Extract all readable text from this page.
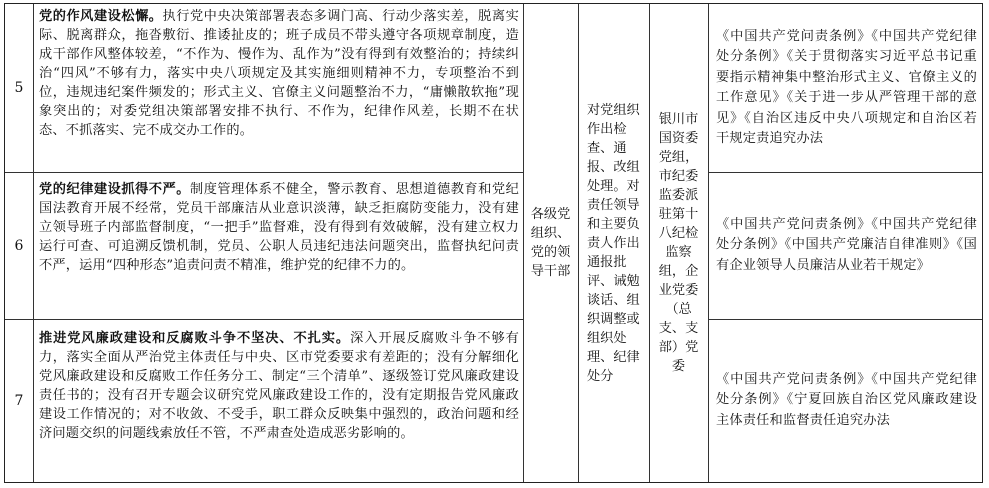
5
党的作风建设松懈。执行党中央决策部署表态多调门高、行动少落实差，脱离实际、脱离群众，拖沓敷衍、推诿扯皮的；班子成员不带头遵守各项规章制度，造成干部作风整体较差，“不作为、慢作为、乱作为”没有得到有效整治的；持续纠治“四风”不够有力，落实中央八项规定及其实施细则精神不力，专项整治不到位，违规违纪案件频发的；形式主义、官僚主义问题整治不力，“庸懒散软拖”现象突出的；对委党组决策部署安排不执行、不作为，纪律作风差，长期不在状态、不抓落实、完不成交办工作的。
《中国共产党问责条例》《中国共产党纪律处分条例》《关于贯彻落实习近平总书记重要指示精神集中整治形式主义、官僚主义的工作意见》《关于进一步从严管理干部的意见》《自治区违反中央八项规定和自治区若干规定责追究办法
6
党的纪律建设抓得不严。制度管理体系不健全，警示教育、思想道德教育和党纪国法教育开展不经常，党员干部廉洁从业意识淡薄，缺乏拒腐防变能力，没有建立领导班子内部监督制度，“一把手”监督难，没有得到有效破解，没有建立权力运行可查、可追溯反馈机制，党员、公职人员违纪违法问题突出，监督执纪问责不严，运用“四种形态”追责问责不精准，维护党的纪律不力的。
《中国共产党问责条例》《中国共产党纪律处分条例》《中国共产党廉洁自律准则》《国有企业领导人员廉洁从业若干规定》
7
推进党风廉政建设和反腐败斗争不坚决、不扎实。深入开展反腐败斗争不够有力，落实全面从严治党主体责任与中央、区市党委要求有差距的；没有分解细化党风廉政建设和反腐败工作任务分工、制定“三个清单”、逐级签订党风廉政建设责任书的；没有召开专题会议研究党风廉政建设工作的，没有定期报告党风廉政建设工作情况的；对不收敛、不受手，职工群众反映集中强烈的，政治问题和经济问题交织的问题线索放任不管，不严肃查处造成恶劣影响的。
《中国共产党问责条例》《中国共产党纪律处分条例》《宁夏回族自治区党风廉政建设主体责任和监督责任追究办法
各级党组织、党的领导干部
对党组织作出检查、通报、改组处理。对责任领导和主要负责人作出通报批评、诫勉谈话、组织调整或组织处理、纪律处分
银川市国资委党组，市纪委监委派驻第十八纪检监察组，企业党委（总支、支部）党委
